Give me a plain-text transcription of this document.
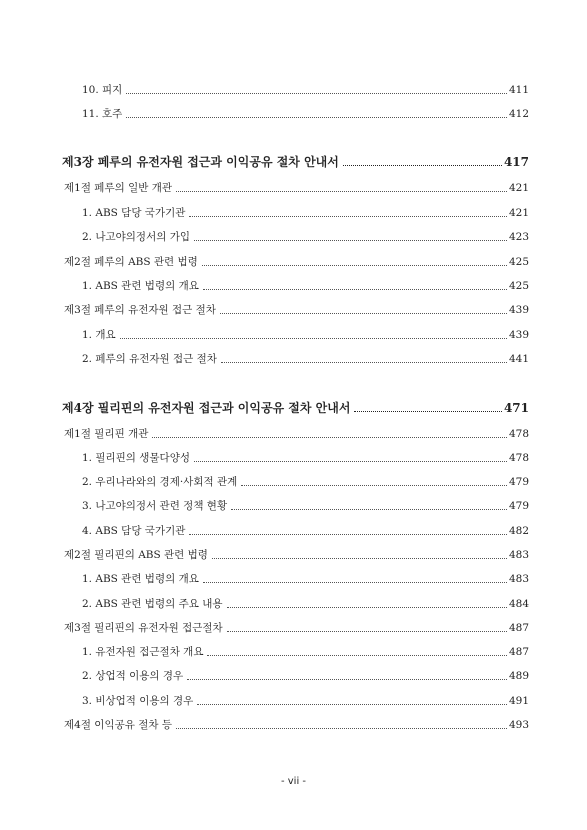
10. 피지	411
11. 호주	412
제3장 페루의 유전자원 접근과 이익공유 절차 안내서	417
제1절 페루의 일반 개관	421
1. ABS 담당 국가기관	421
2. 나고야의정서의 가입	423
제2절 페루의 ABS 관련 법령	425
1. ABS 관련 법령의 개요	425
제3절 페루의 유전자원 접근 절차	439
1. 개요	439
2. 페루의 유전자원 접근 절차	441
제4장 필리핀의 유전자원 접근과 이익공유 절차 안내서	471
제1절 필리핀 개관	478
1. 필리핀의 생물다양성	478
2. 우리나라와의 경제·사회적 관계	479
3. 나고야의정서 관련 정책 현황	479
4. ABS 담당 국가기관	482
제2절 필리핀의 ABS 관련 법령	483
1. ABS 관련 법령의 개요	483
2. ABS 관련 법령의 주요 내용	484
제3절 필리핀의 유전자원 접근절차	487
1. 유전자원 접근절차 개요	487
2. 상업적 이용의 경우	489
3. 비상업적 이용의 경우	491
제4절 이익공유 절차 등	493
- vii -
